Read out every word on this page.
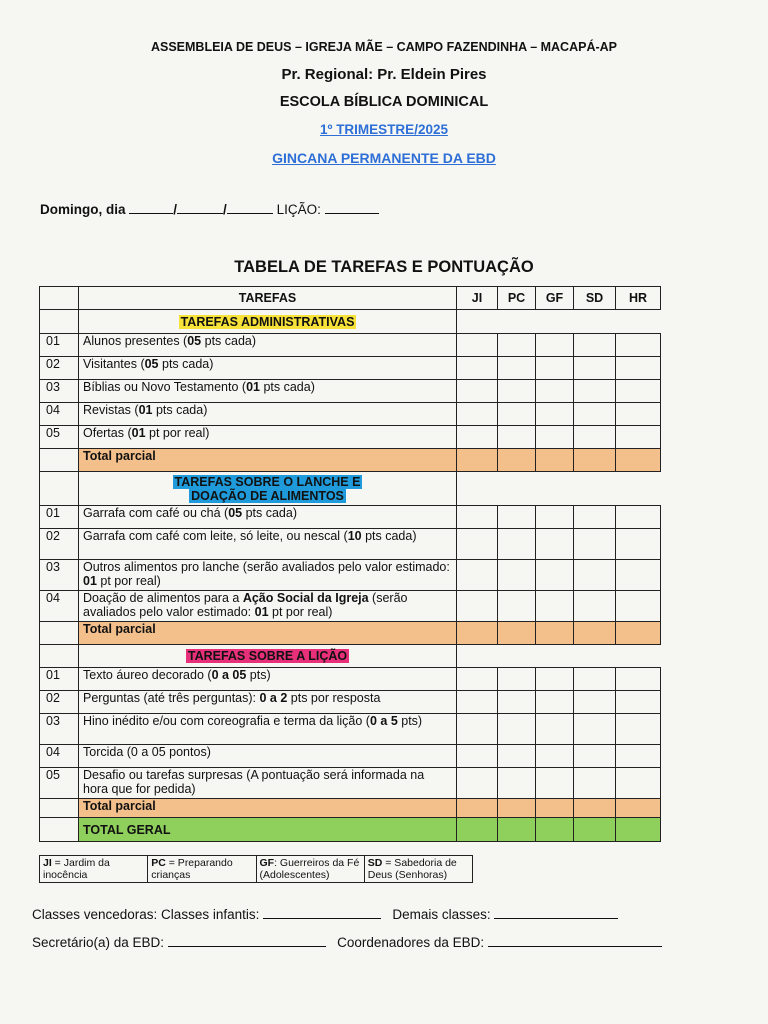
ASSEMBLEIA DE DEUS – IGREJA MÃE – CAMPO FAZENDINHA – MACAPÁ-AP
Pr. Regional: Pr. Eldein Pires
ESCOLA BÍBLICA DOMINICAL
1º TRIMESTRE/2025
GINCANA PERMANENTE DA EBD
Domingo, dia	/	/	LIÇÃO:
TABELA DE TAREFAS E PONTUAÇÃO
	TAREFAS	JI	PC	GF	SD	HR
	TAREFAS ADMINISTRATIVAS					
01	Alunos presentes (05 pts cada)					
02	Visitantes (05 pts cada)					
03	Bíblias ou Novo Testamento (01 pts cada)					
04	Revistas (01 pts cada)					
05	Ofertas (01 pt por real)					
	Total parcial					
	TAREFAS SOBRE O LANCHE E
DOAÇÃO DE ALIMENTOS					
01	Garrafa com café ou chá (05 pts cada)					
02	Garrafa com café com leite, só leite, ou nescal (10 pts cada)					
03	Outros alimentos pro lanche (serão avaliados pelo valor estimado: 01 pt por real)					
04	Doação de alimentos para a Ação Social da Igreja (serão avaliados pelo valor estimado: 01 pt por real)					
	Total parcial					
	TAREFAS SOBRE A LIÇÃO					
01	Texto áureo decorado (0 a 05 pts)					
02	Perguntas (até três perguntas): 0 a 2 pts por resposta					
03	Hino inédito e/ou com coreografia e terma da lição (0 a 5 pts)					
04	Torcida (0 a 05 pontos)					
05	Desafio ou tarefas surpresas (A pontuação será informada na hora que for pedida)					
	Total parcial					
	TOTAL GERAL					
JI = Jardim da inocência	PC = Preparando crianças	GF: Guerreiros da Fé (Adolescentes)	SD = Sabedoria de Deus (Senhoras)
Classes vencedoras: Classes infantis:	Demais classes:
Secretário(a) da EBD:	Coordenadores da EBD:
